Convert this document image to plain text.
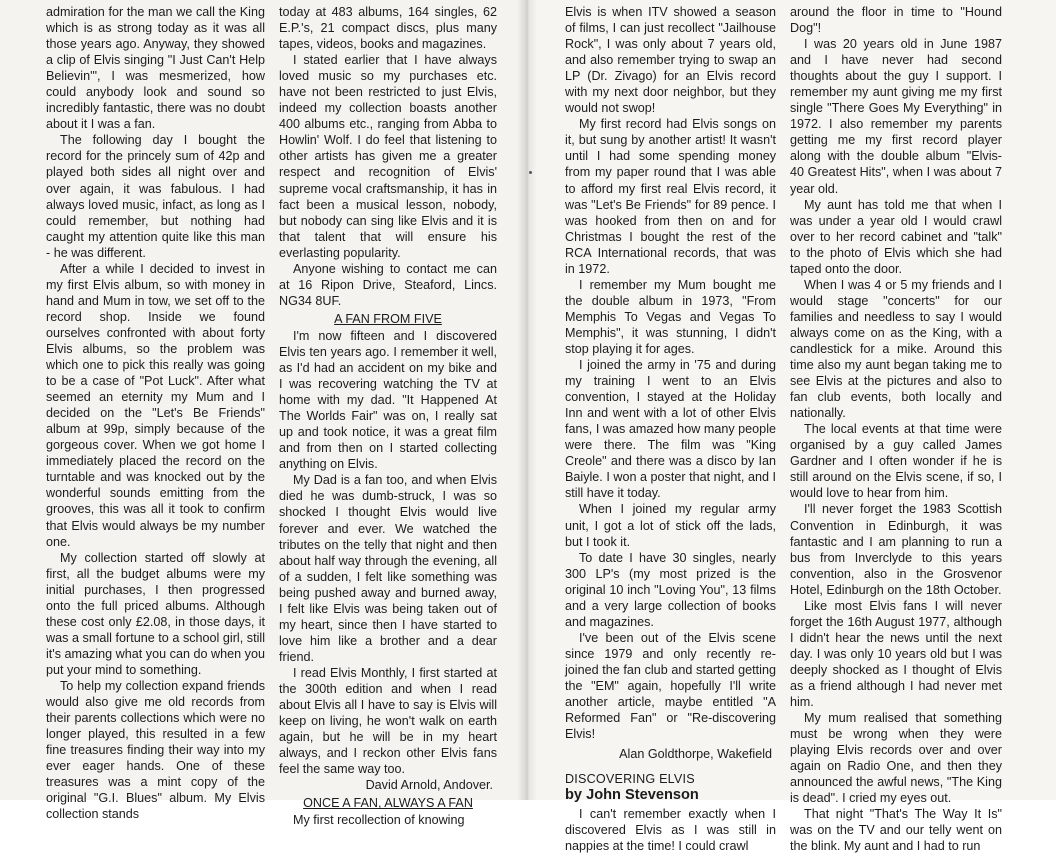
admiration for the man we call the King which is as strong today as it was all those years ago. Anyway, they showed a clip of Elvis singing "I Just Can't Help Believin'", I was mesmerized, how could anybody look and sound so incredibly fantastic, there was no doubt about it I was a fan.

The following day I bought the record for the princely sum of 42p and played both sides all night over and over again, it was fabulous. I had always loved music, infact, as long as I could remember, but nothing had caught my attention quite like this man - he was different.

After a while I decided to invest in my first Elvis album, so with money in hand and Mum in tow, we set off to the record shop. Inside we found ourselves confronted with about forty Elvis albums, so the problem was which one to pick this really was going to be a case of "Pot Luck". After what seemed an eternity my Mum and I decided on the "Let's Be Friends" album at 99p, simply because of the gorgeous cover. When we got home I immediately placed the record on the turntable and was knocked out by the wonderful sounds emitting from the grooves, this was all it took to confirm that Elvis would always be my number one.

My collection started off slowly at first, all the budget albums were my initial purchases, I then progressed onto the full priced albums. Although these cost only £2.08, in those days, it was a small fortune to a school girl, still it's amazing what you can do when you put your mind to something.

To help my collection expand friends would also give me old records from their parents collections which were no longer played, this resulted in a few fine treasures finding their way into my ever eager hands. One of these treasures was a mint copy of the original "G.I. Blues" album. My Elvis collection stands

today at 483 albums, 164 singles, 62 E.P.'s, 21 compact discs, plus many tapes, videos, books and magazines.

I stated earlier that I have always loved music so my purchases etc. have not been restricted to just Elvis, indeed my collection boasts another 400 albums etc., ranging from Abba to Howlin' Wolf. I do feel that listening to other artists has given me a greater respect and recognition of Elvis' supreme vocal craftsmanship, it has in fact been a musical lesson, nobody, but nobody can sing like Elvis and it is that talent that will ensure his everlasting popularity.

Anyone wishing to contact me can at 16 Ripon Drive, Steaford, Lincs. NG34 8UF.

A FAN FROM FIVE

I'm now fifteen and I discovered Elvis ten years ago. I remember it well, as I'd had an accident on my bike and I was recovering watching the TV at home with my dad. "It Happened At The Worlds Fair" was on, I really sat up and took notice, it was a great film and from then on I started collecting anything on Elvis.

My Dad is a fan too, and when Elvis died he was dumb-struck, I was so shocked I thought Elvis would live forever and ever. We watched the tributes on the telly that night and then about half way through the evening, all of a sudden, I felt like something was being pushed away and burned away, I felt like Elvis was being taken out of my heart, since then I have started to love him like a brother and a dear friend.

I read Elvis Monthly, I first started at the 300th edition and when I read about Elvis all I have to say is Elvis will keep on living, he won't walk on earth again, but he will be in my heart always, and I reckon other Elvis fans feel the same way too.

David Arnold, Andover.

ONCE A FAN, ALWAYS A FAN

My first recollection of knowing

Elvis is when ITV showed a season of films, I can just recollect "Jailhouse Rock", I was only about 7 years old, and also remember trying to swap an LP (Dr. Zivago) for an Elvis record with my next door neighbor, but they would not swop!

My first record had Elvis songs on it, but sung by another artist! It wasn't until I had some spending money from my paper round that I was able to afford my first real Elvis record, it was "Let's Be Friends" for 89 pence. I was hooked from then on and for Christmas I bought the rest of the RCA International records, that was in 1972.

I remember my Mum bought me the double album in 1973, "From Memphis To Vegas and Vegas To Memphis", it was stunning, I didn't stop playing it for ages.

I joined the army in '75 and during my training I went to an Elvis convention, I stayed at the Holiday Inn and went with a lot of other Elvis fans, I was amazed how many people were there. The film was "King Creole" and there was a disco by Ian Baiyle. I won a poster that night, and I still have it today.

When I joined my regular army unit, I got a lot of stick off the lads, but I took it.

To date I have 30 singles, nearly 300 LP's (my most prized is the original 10 inch "Loving You", 13 films and a very large collection of books and magazines.

I've been out of the Elvis scene since 1979 and only recently re-joined the fan club and started getting the "EM" again, hopefully I'll write another article, maybe entitled "A Reformed Fan" or "Re-discovering Elvis!

Alan Goldthorpe, Wakefield

DISCOVERING ELVIS

by John Stevenson

I can't remember exactly when I discovered Elvis as I was still in nappies at the time! I could crawl

around the floor in time to "Hound Dog"!

I was 20 years old in June 1987 and I have never had second thoughts about the guy I support. I remember my aunt giving me my first single "There Goes My Everything" in 1972. I also remember my parents getting me my first record player along with the double album "Elvis- 40 Greatest Hits", when I was about 7 year old.

My aunt has told me that when I was under a year old I would crawl over to her record cabinet and "talk" to the photo of Elvis which she had taped onto the door.

When I was 4 or 5 my friends and I would stage "concerts" for our families and needless to say I would always come on as the King, with a candlestick for a mike. Around this time also my aunt began taking me to see Elvis at the pictures and also to fan club events, both locally and nationally.

The local events at that time were organised by a guy called James Gardner and I often wonder if he is still around on the Elvis scene, if so, I would love to hear from him.

I'll never forget the 1983 Scottish Convention in Edinburgh, it was fantastic and I am planning to run a bus from Inverclyde to this years convention, also in the Grosvenor Hotel, Edinburgh on the 18th October.

Like most Elvis fans I will never forget the 16th August 1977, although I didn't hear the news until the next day. I was only 10 years old but I was deeply shocked as I thought of Elvis as a friend although I had never met him.

My mum realised that something must be wrong when they were playing Elvis records over and over again on Radio One, and then they announced the awful news, "The King is dead". I cried my eyes out.

That night "That's The Way It Is" was on the TV and our telly went on the blink. My aunt and I had to run
